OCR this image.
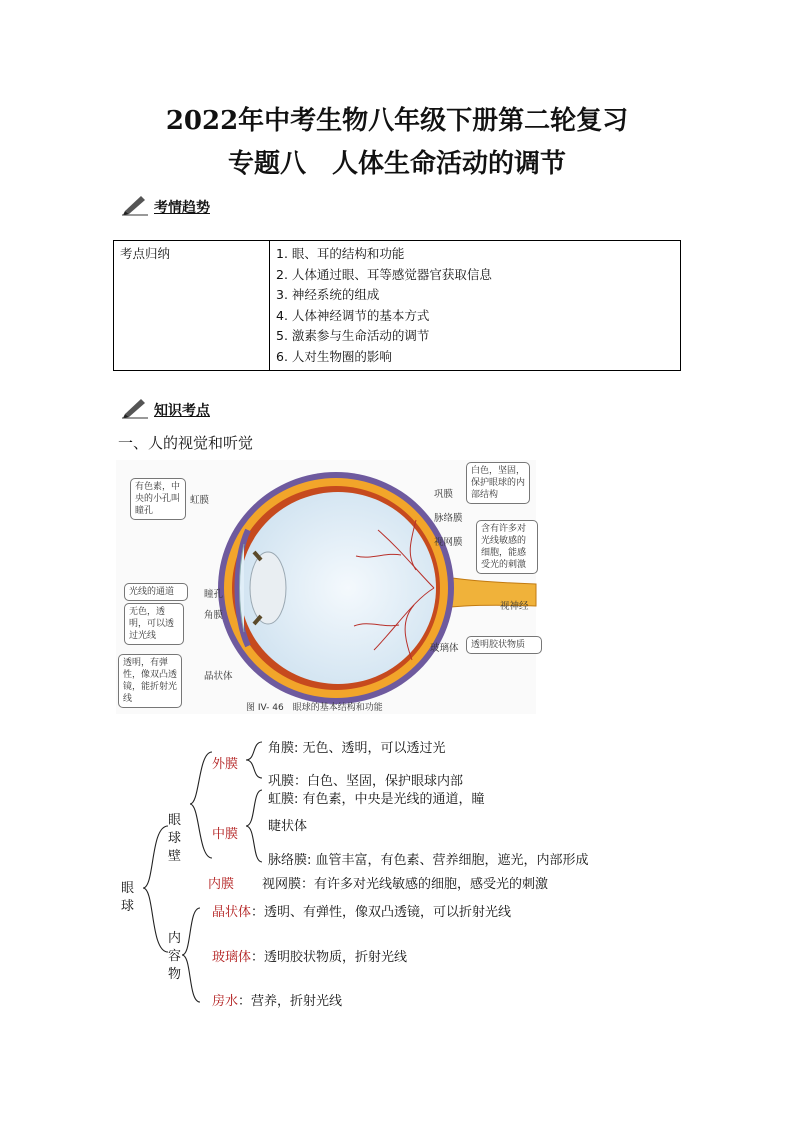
2022年中考生物八年级下册第二轮复习
专题八　人体生命活动的调节
考情趋势
考点归纳	1. 眼、耳的结构和功能
2. 人体通过眼、耳等感觉器官获取信息
3. 神经系统的组成
4. 人体神经调节的基本方式
5. 激素参与生命活动的调节
6. 人对生物圈的影响
知识考点
一、人的视觉和听觉
有色素，中央的小孔叫瞳孔
虹膜
光线的通道	瞳孔
无色，透明，可以透过光线
角膜
透明，有弹性，像双凸透镜，能折射光线
晶状体
巩膜
白色，坚固，保护眼球的内部结构
脉络膜
视网膜
含有许多对光线敏感的细胞，能感受光的刺激
视神经
玻璃体	透明胶状物质
图 IV- 46　眼球的基本结构和功能
眼球
眼球壁
内容物
外膜
角膜: 无色、透明，可以透过光
巩膜：白色、坚固，保护眼球内部
中膜
虹膜: 有色素，中央是光线的通道，瞳
睫状体
脉络膜: 血管丰富，有色素、营养细胞，遮光，内部形成
内膜 视网膜：有许多对光线敏感的细胞，感受光的刺激
晶状体：透明、有弹性，像双凸透镜，可以折射光线
玻璃体：透明胶状物质，折射光线
房水：营养，折射光线
